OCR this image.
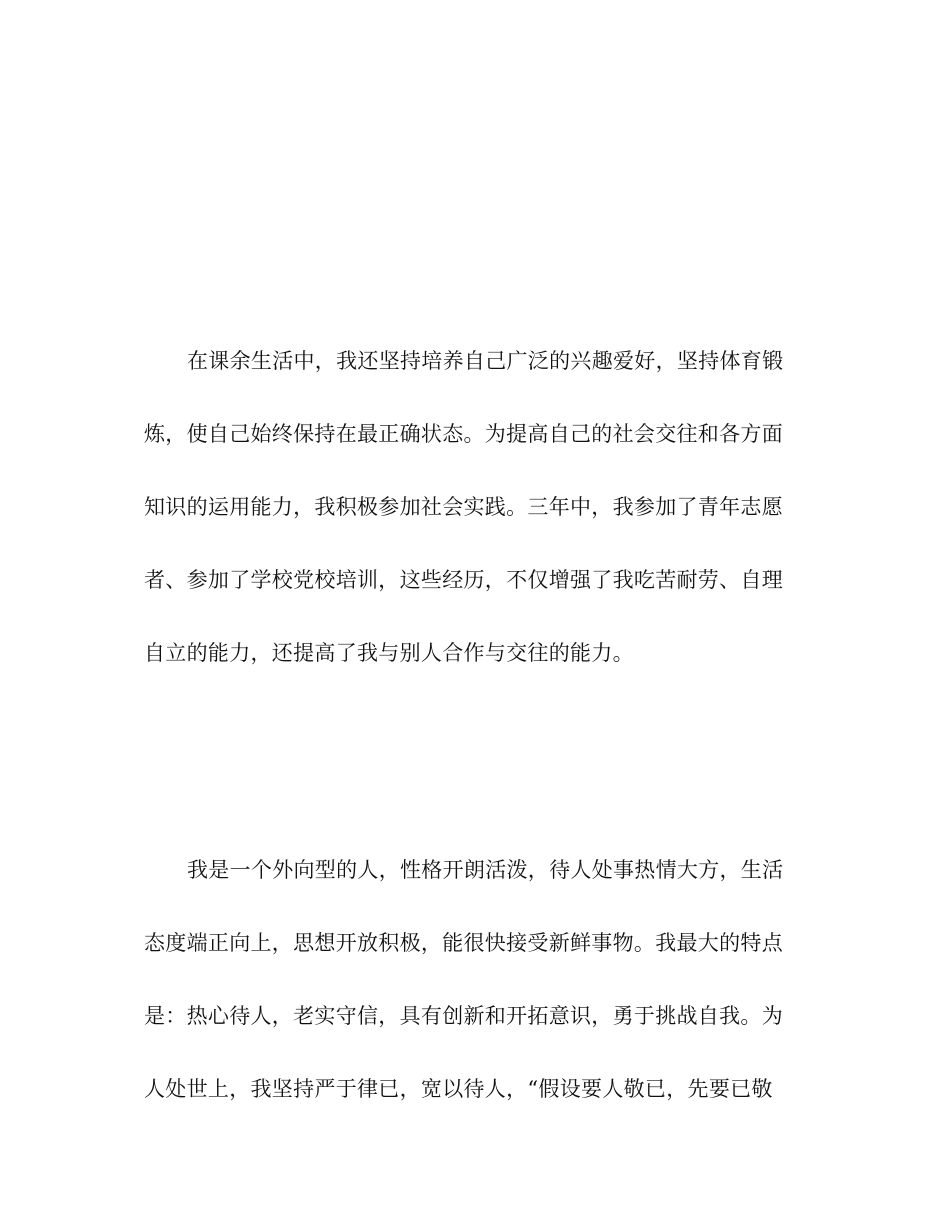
在课余生活中，我还坚持培养自己广泛的兴趣爱好，坚持体育锻
炼，使自己始终保持在最正确状态。为提高自己的社会交往和各方面
知识的运用能力，我积极参加社会实践。三年中，我参加了青年志愿
者、参加了学校党校培训，这些经历，不仅增强了我吃苦耐劳、自理
自立的能力，还提高了我与别人合作与交往的能力。
我是一个外向型的人，性格开朗活泼，待人处事热情大方，生活
态度端正向上，思想开放积极，能很快接受新鲜事物。我最大的特点
是：热心待人，老实守信，具有创新和开拓意识，勇于挑战自我。为
人处世上，我坚持严于律已，宽以待人，“假设要人敬已，先要已敬
